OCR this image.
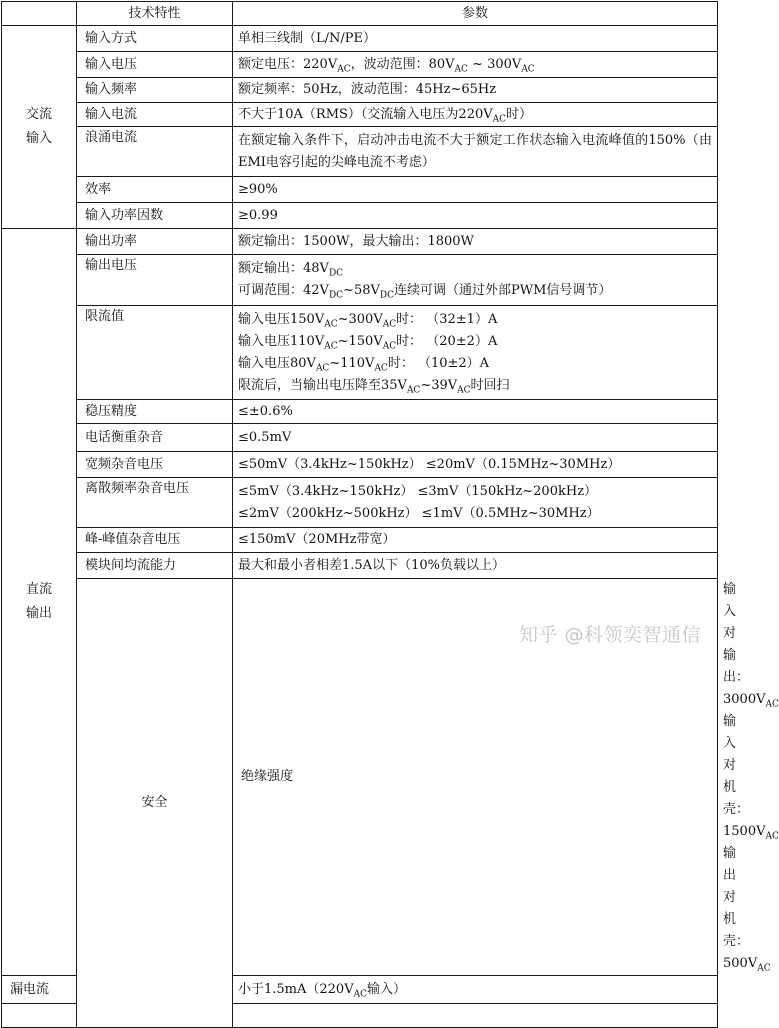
	技术特性	参数	

交流
输入	输入方式	单相三线制（L/N/PE）	
	输入电压	额定电压：$220V_{AC}$，波动范围：$80V_{AC}$ ~ $300V_{AC}$
	输入频率	额定频率：50Hz，波动范围：45Hz~65Hz	
	输入电流	不大于10A（RMS）（交流输入电压为$220V_{AC}$时）	
	浪涌电流	在额定输入条件下，启动冲击电流不大于额定工作状态输入电流峰值的150%（由EMI电容引起的尖峰电流不考虑）	
	效率	≥90%	
	输入功率因数	≥0.99	

直流
输出	输出功率	额定输出：1500W，最大输出：1800W	
	输出电压	额定输出：$48V_{DC}$
可调范围：$42V_{DC}\sim 58V_{DC}$连续可调（通过外部PWM信号调节）	

	限流值	输入电压$150V_{AC}\sim 300V_{AC}$时： （32±1）A
输入电压$110V_{AC}\sim 150V_{AC}$时： （20±2）A
输入电压$80V_{AC}\sim 110V_{AC}$时： （10±2）A
限流后，当输出电压降至$35V_{AC}\sim 39V_{AC}$时回扫	

	稳压精度	≤±0.6%	
	电话衡重杂音	≤0.5mV	
	宽频杂音电压	≤50mV（3.4kHz~150kHz） ≤20mV（0.15MHz~30MHz）	
	离散频率杂音电压	≤5mV（3.4kHz~150kHz） ≤3mV（150kHz~200kHz）
≤2mV（200kHz~500kHz） ≤1mV（0.5MHz~30MHz）	

	峰-峰值杂音电压	≤150mV（20MHz带宽）	
	模块间均流能力	最大和最小者相差1.5A以下（10%负载以上）	

	安全	绝缘强度	输入对输出：$3000V_{AC}$ 输入对机壳：$1500V_{AC}$ 输出对机壳：$500V_{AC}$
漏电流		小于$1.5mA(220V_{AC}$输入）	

知乎 @科领奕智通信
